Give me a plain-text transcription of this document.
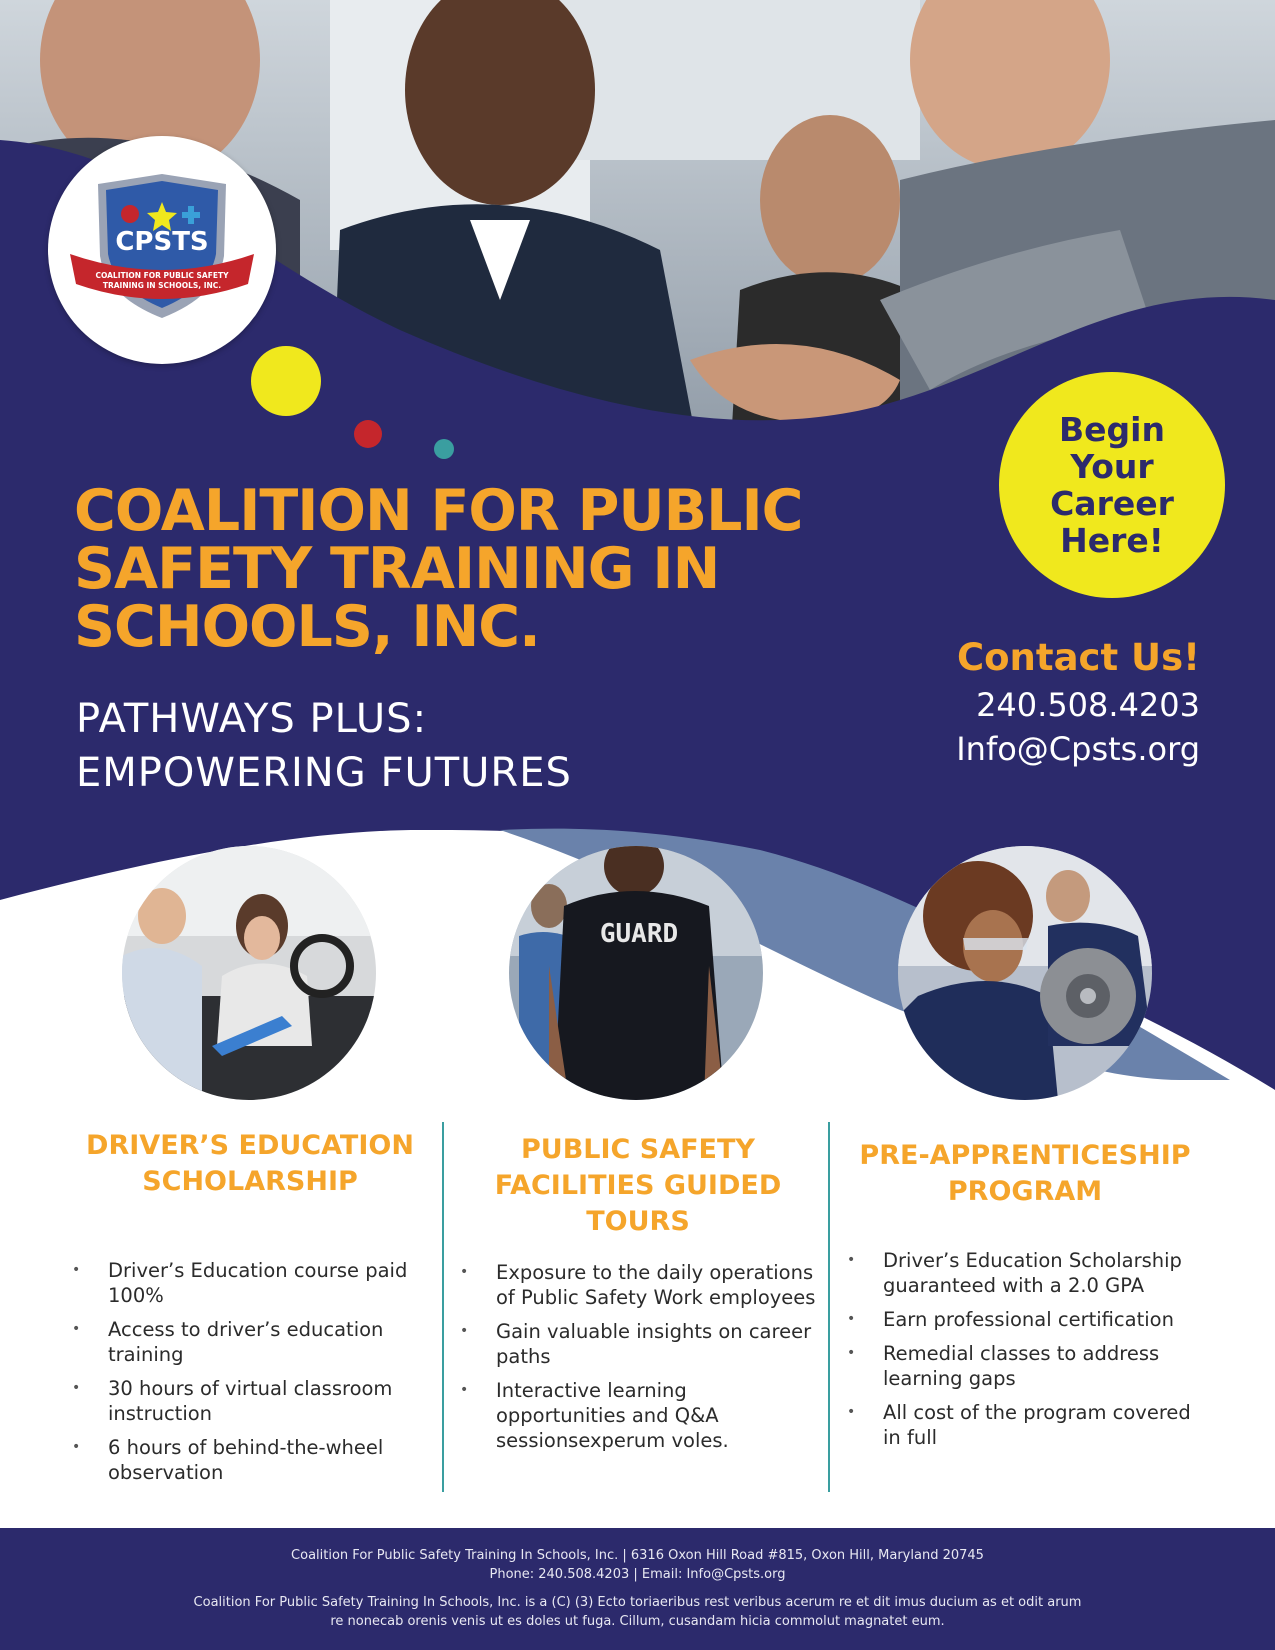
CPSTS
COALITION FOR PUBLIC SAFETY
TRAINING IN SCHOOLS, INC.
Begin
Your
Career
Here!
COALITION FOR PUBLIC
SAFETY TRAINING IN
SCHOOLS, INC.
PATHWAYS PLUS:
EMPOWERING FUTURES
Contact Us!
240.508.4203
Info@Cpsts.org
GUARD
DRIVER’S EDUCATION
SCHOLARSHIP
• Driver’s Education course paid 100%
• Access to driver’s education training
• 30 hours of virtual classroom instruction
• 6 hours of behind-the-wheel observation
PUBLIC SAFETY
FACILITIES GUIDED
TOURS
• Exposure to the daily operations of Public Safety Work employees
• Gain valuable insights on career paths
• Interactive learning opportunities and Q&A sessionsexperum voles.
PRE-APPRENTICESHIP
PROGRAM
• Driver’s Education Scholarship guaranteed with a 2.0 GPA
• Earn professional certification
• Remedial classes to address learning gaps
• All cost of the program covered in full
Coalition For Public Safety Training In Schools, Inc. | 6316 Oxon Hill Road #815, Oxon Hill, Maryland 20745
Phone: 240.508.4203 | Email: Info@Cpsts.org
Coalition For Public Safety Training In Schools, Inc. is a (C) (3) Ecto toriaeribus rest veribus acerum re et dit imus ducium as et odit arum
re nonecab orenis venis ut es doles ut fuga. Cillum, cusandam hicia commolut magnatet eum.
